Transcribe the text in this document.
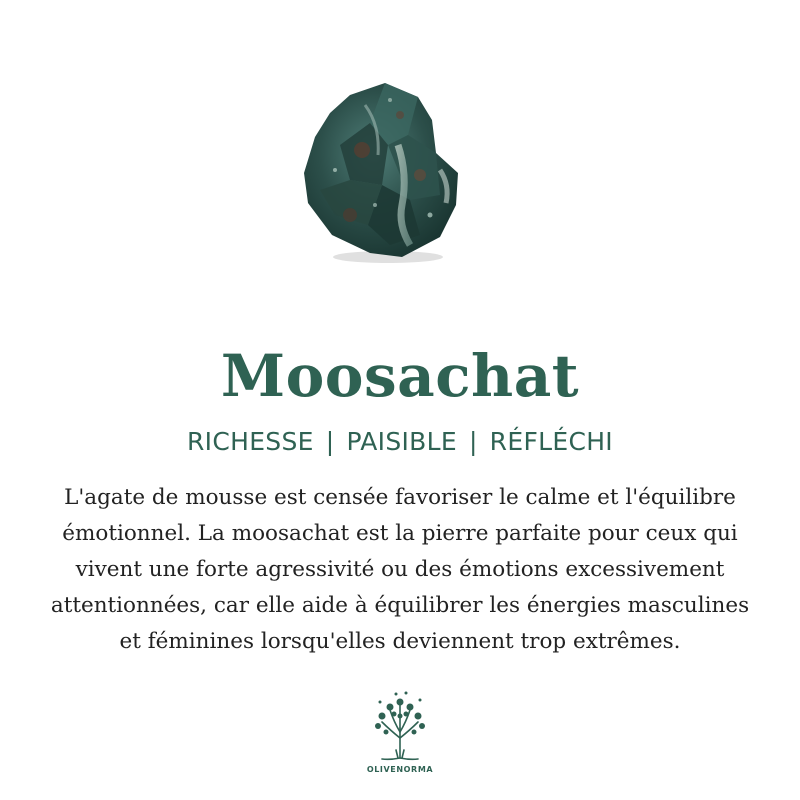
Moosachat
RICHESSE | PAISIBLE | RÉFLÉCHI
L'agate de mousse est censée favoriser le calme et l'équilibre
émotionnel. La moosachat est la pierre parfaite pour ceux qui
vivent une forte agressivité ou des émotions excessivement
attentionnées, car elle aide à équilibrer les énergies masculines
et féminines lorsqu'elles deviennent trop extrêmes.
OLIVENORMA
